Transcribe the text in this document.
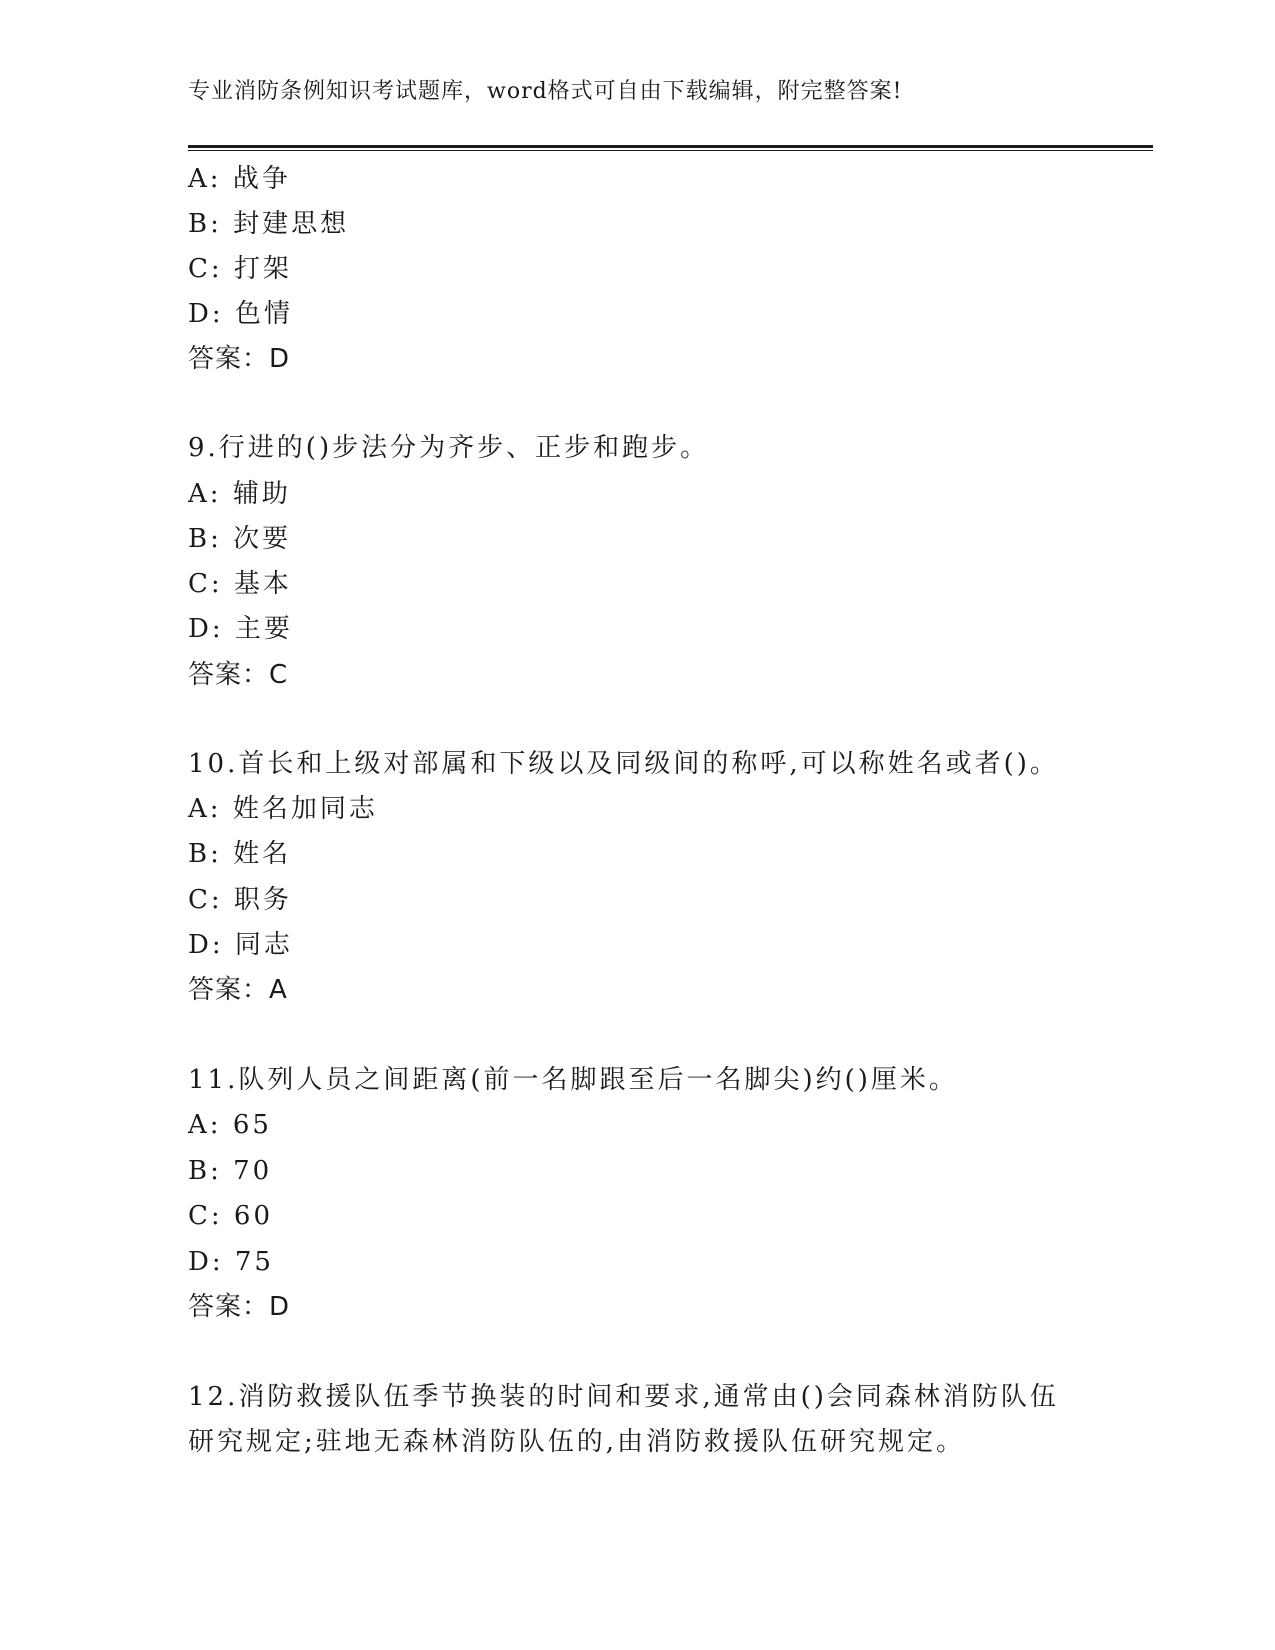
专业消防条例知识考试题库，word格式可自由下载编辑，附完整答案!
A: 战争
B: 封建思想
C: 打架
D: 色情
答案：D
9.行进的()步法分为齐步、正步和跑步。
A: 辅助
B: 次要
C: 基本
D: 主要
答案：C
10.首长和上级对部属和下级以及同级间的称呼,可以称姓名或者()。
A: 姓名加同志
B: 姓名
C: 职务
D: 同志
答案：A
11.队列人员之间距离(前一名脚跟至后一名脚尖)约()厘米。
A: 65
B: 70
C: 60
D: 75
答案：D
12.消防救援队伍季节换装的时间和要求,通常由()会同森林消防队伍
研究规定;驻地无森林消防队伍的,由消防救援队伍研究规定。
